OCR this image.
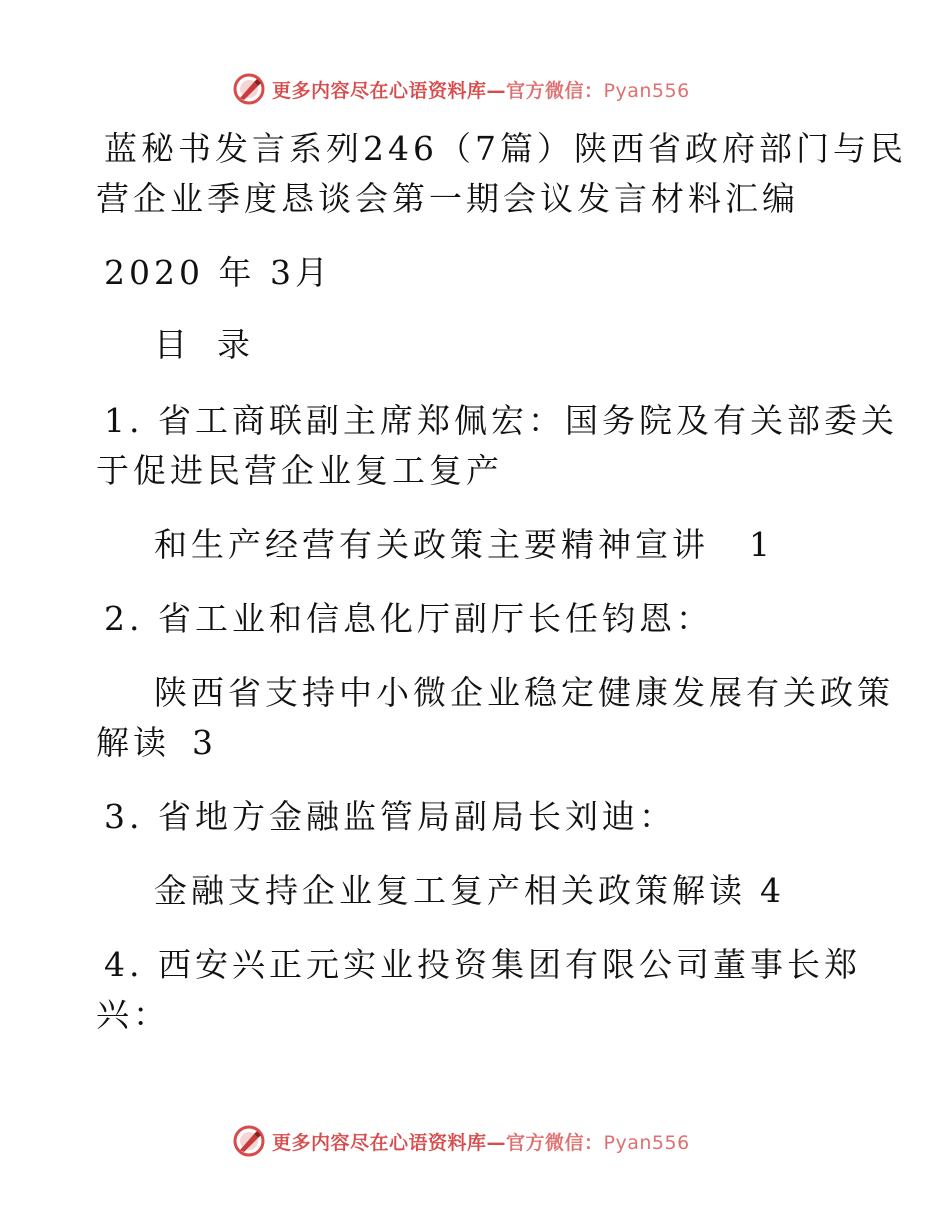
更多内容尽在心语资料库—官方微信：Pyan556
蓝秘书发言系列246（7篇）陕西省政府部门与民
营企业季度恳谈会第一期会议发言材料汇编
2020 年 3月
目 录
1. 省工商联副主席郑佩宏：国务院及有关部委关
于促进民营企业复工复产
和生产经营有关政策主要精神宣讲 1
2. 省工业和信息化厅副厅长任钧恩：
陕西省支持中小微企业稳定健康发展有关政策
解读 3
3. 省地方金融监管局副局长刘迪：
金融支持企业复工复产相关政策解读 4
4. 西安兴正元实业投资集团有限公司董事长郑
兴：
更多内容尽在心语资料库—官方微信：Pyan556
